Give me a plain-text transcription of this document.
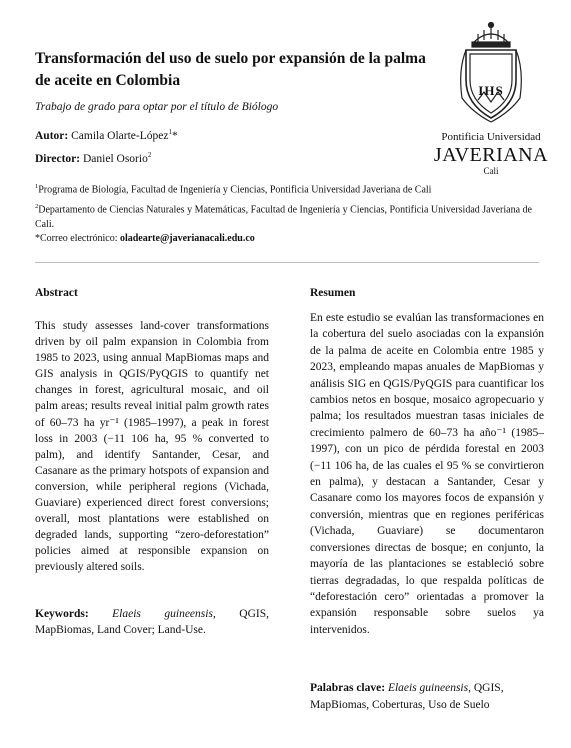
Transformación del uso de suelo por expansión de la palma de aceite en Colombia
Trabajo de grado para optar por el título de Biólogo
Autor: Camila Olarte-López$^1$*
Director: Daniel Osorio$^2$
$^1$Programa de Biología, Facultad de Ingeniería y Ciencias, Pontificia Universidad Javeriana de Cali
$^2$Departamento de Ciencias Naturales y Matemáticas, Facultad de Ingeniería y Ciencias, Pontificia Universidad Javeriana de Cali.
*Correo electrónico: oladearte@javerianacali.edu.co
IHS
Pontificia Universidad
JAVERIANA
Cali
Abstract
This study assesses land-cover transformations driven by oil palm expansion in Colombia from 1985 to 2023, using annual MapBiomas maps and GIS analysis in QGIS/PyQGIS to quantify net changes in forest, agricultural mosaic, and oil palm areas; results reveal initial palm growth rates of 60–73 ha yr⁻¹ (1985–1997), a peak in forest loss in 2003 (−11 106 ha, 95 % converted to palm), and identify Santander, Cesar, and Casanare as the primary hotspots of expansion and conversion, while peripheral regions (Vichada, Guaviare) experienced direct forest conversions; overall, most plantations were established on degraded lands, supporting “zero-deforestation” policies aimed at responsible expansion on previously altered soils.
Keywords: Elaeis guineensis, QGIS, MapBiomas, Land Cover; Land-Use.
Resumen
En este estudio se evalúan las transformaciones en la cobertura del suelo asociadas con la expansión de la palma de aceite en Colombia entre 1985 y 2023, empleando mapas anuales de MapBiomas y análisis SIG en QGIS/PyQGIS para cuantificar los cambios netos en bosque, mosaico agropecuario y palma; los resultados muestran tasas iniciales de crecimiento palmero de 60–73 ha año⁻¹ (1985–1997), con un pico de pérdida forestal en 2003 (−11 106 ha, de las cuales el 95 % se convirtieron en palma), y destacan a Santander, Cesar y Casanare como los mayores focos de expansión y conversión, mientras que en regiones periféricas (Vichada, Guaviare) se documentaron conversiones directas de bosque; en conjunto, la mayoría de las plantaciones se estableció sobre tierras degradadas, lo que respalda políticas de “deforestación cero” orientadas a promover la expansión responsable sobre suelos ya intervenidos.
Palabras clave: Elaeis guineensis, QGIS, MapBiomas, Coberturas, Uso de Suelo
